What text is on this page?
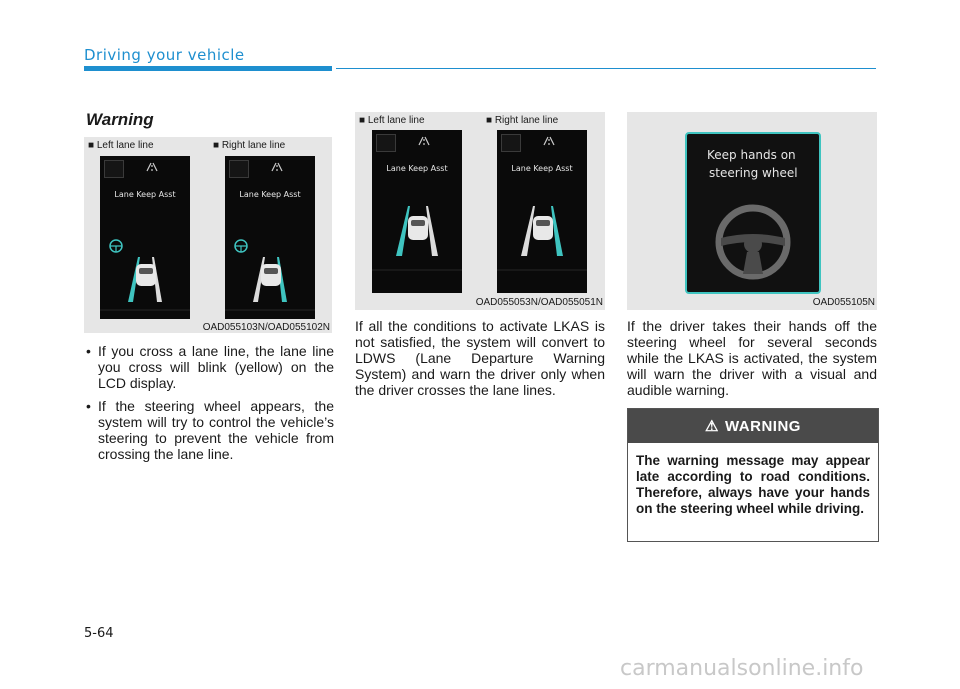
Driving your vehicle
Warning
■ Left lane line	■ Right lane line
Lane Keep Asst	Lane Keep Asst
OAD055103N/OAD055102N
■ Left lane line	■ Right lane line
Lane Keep Asst	Lane Keep Asst
OAD055053N/OAD055051N
Keep hands on
steering wheel
OAD055105N
• If you cross a lane line, the lane line you cross will blink (yellow) on the LCD display.
• If the steering wheel appears, the system will try to control the vehicle’s steering to prevent the vehicle from crossing the lane line.

If all the conditions to activate LKAS is not satisfied, the system will convert to LDWS (Lane Departure Warning System) and warn the driver only when the driver crosses the lane lines.

If the driver takes their hands off the steering wheel for several seconds while the LKAS is activated, the system will warn the driver with a visual and audible warning.

⚠ WARNING
The warning message may appear late according to road conditions. Therefore, always have your hands on the steering wheel while driving.
5-64
carmanualsonline.info
